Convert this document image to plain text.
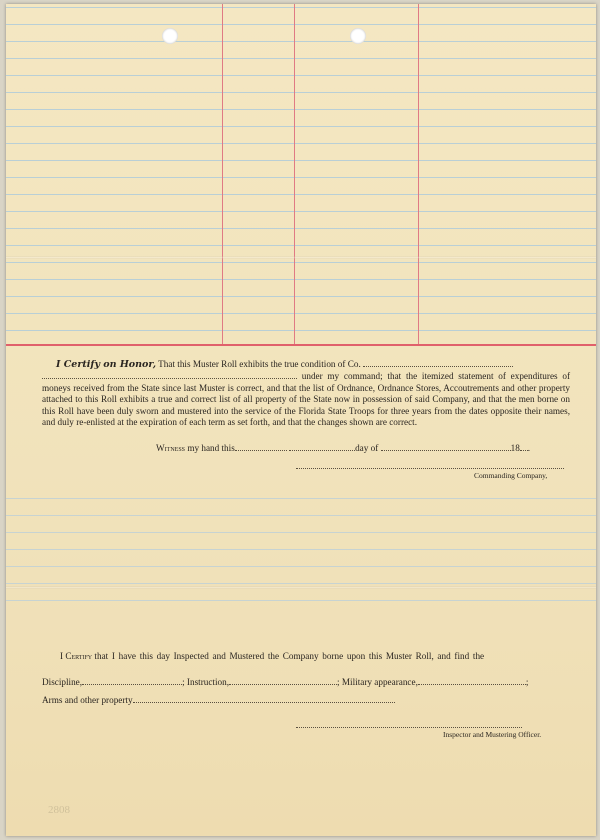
I Certify on Honor, That this Muster Roll exhibits the true condition of Co.
under my command; that the itemized statement of expenditures of moneys received from the State since last Muster is correct, and that the list of Ordnance, Ordnance Stores, Accoutrements and other property attached to this Roll exhibits a true and correct list of all property of the State now in possession of said Company, and that the men borne on this Roll have been duly sworn and mustered into the service of the Florida State Troops for three years from the dates opposite their names, and duly re-enlisted at the expiration of each term as set forth, and that the changes shown are correct.
Witness my hand this	day of	18 .
Commanding Company,
I Certify that I have this day Inspected and Mustered the Company borne upon this Muster Roll, and find the
Discipline,	; Instruction,	; Military appearance,	;
Arms and other property
Inspector and Mustering Officer.
2808
